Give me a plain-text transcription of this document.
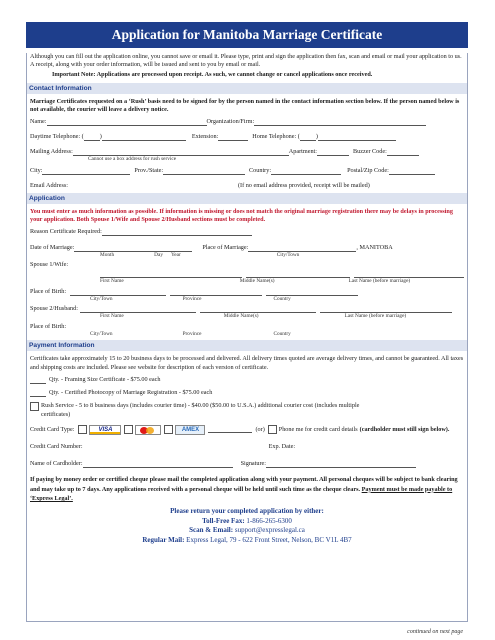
Application for Manitoba Marriage Certificate

Although you can fill out the application online, you cannot save or email it. Please type, print and sign the application then fax, scan and email or mail your application to us. A receipt, along with your order information, will be issued and sent to you by email or mail.

Important Note: Applications are processed upon receipt. As such, we cannot change or cancel applications once received.

Contact Information

Marriage Certificates requested on a ‘Rush’ basis need to be signed for by the person named in the contact information section below. If the person named below is not available, the courier will leave a delivery notice.

Name:	Organization/Firm:
Daytime Telephone: (	)	Extension:	Home Telephone: (	)
Mailing Address:	Apartment:	Buzzer Code:
Cannot use a box address for rush service
City:	Prov./State:	Country:	Postal/Zip Code:
Email Address:	(If no email address provided, receipt will be mailed)
Application

You must enter as much information as possible. If information is missing or does not match the original marriage registration there may be delays in processing your application. Both Spouse 1/Wife and Spouse 2/Husband sections must be completed.

Reason Certificate Required:
Date of Marriage:	Place of Marriage:	, MANITOBA
Month	Day Year	City/Town
Spouse 1/Wife:
First Name	Middle Name(s)	Last Name (before marriage)
Place of Birth:
City/Town	Province	Country
Spouse 2/Husband:
First Name	Middle Name(s)	Last Name (before marriage)
Place of Birth:
City/Town	Province	Country
Payment Information

Certificates take approximately 15 to 20 business days to be processed and delivered. All delivery times quoted are average delivery times, and cannot be guaranteed. All taxes and shipping costs are included. Please see website for description of each version of certificate.

Qty. - Framing Size Certificate - $75.00 each
Qty. - Certified Photocopy of Marriage Registration - $75.00 each
Rush Service - 5 to 8 business days (includes courier time) - $40.00 ($50.00 to U.S.A.) additional courier cost (includes multiple
certificates)
Credit Card Type:	VISA	AMEX	(or) Phone me for credit card details (cardholder must still sign below).
Credit Card Number:	Exp. Date:
Name of Cardholder:	Signature:

If paying by money order or certified cheque please mail the completed application along with your payment. All personal cheques will be subject to bank clearing and may take up to 7 days. Any applications received with a personal cheque will be held until such time as the cheque clears. Payment must be made payable to ‘Express Legal’.

Please return your completed application by either:
Toll-Free Fax: 1-866-265-6300
Scan & Email: support@expresslegal.ca
Regular Mail: Express Legal, 79 - 622 Front Street, Nelson, BC V1L 4B7
continued on next page
